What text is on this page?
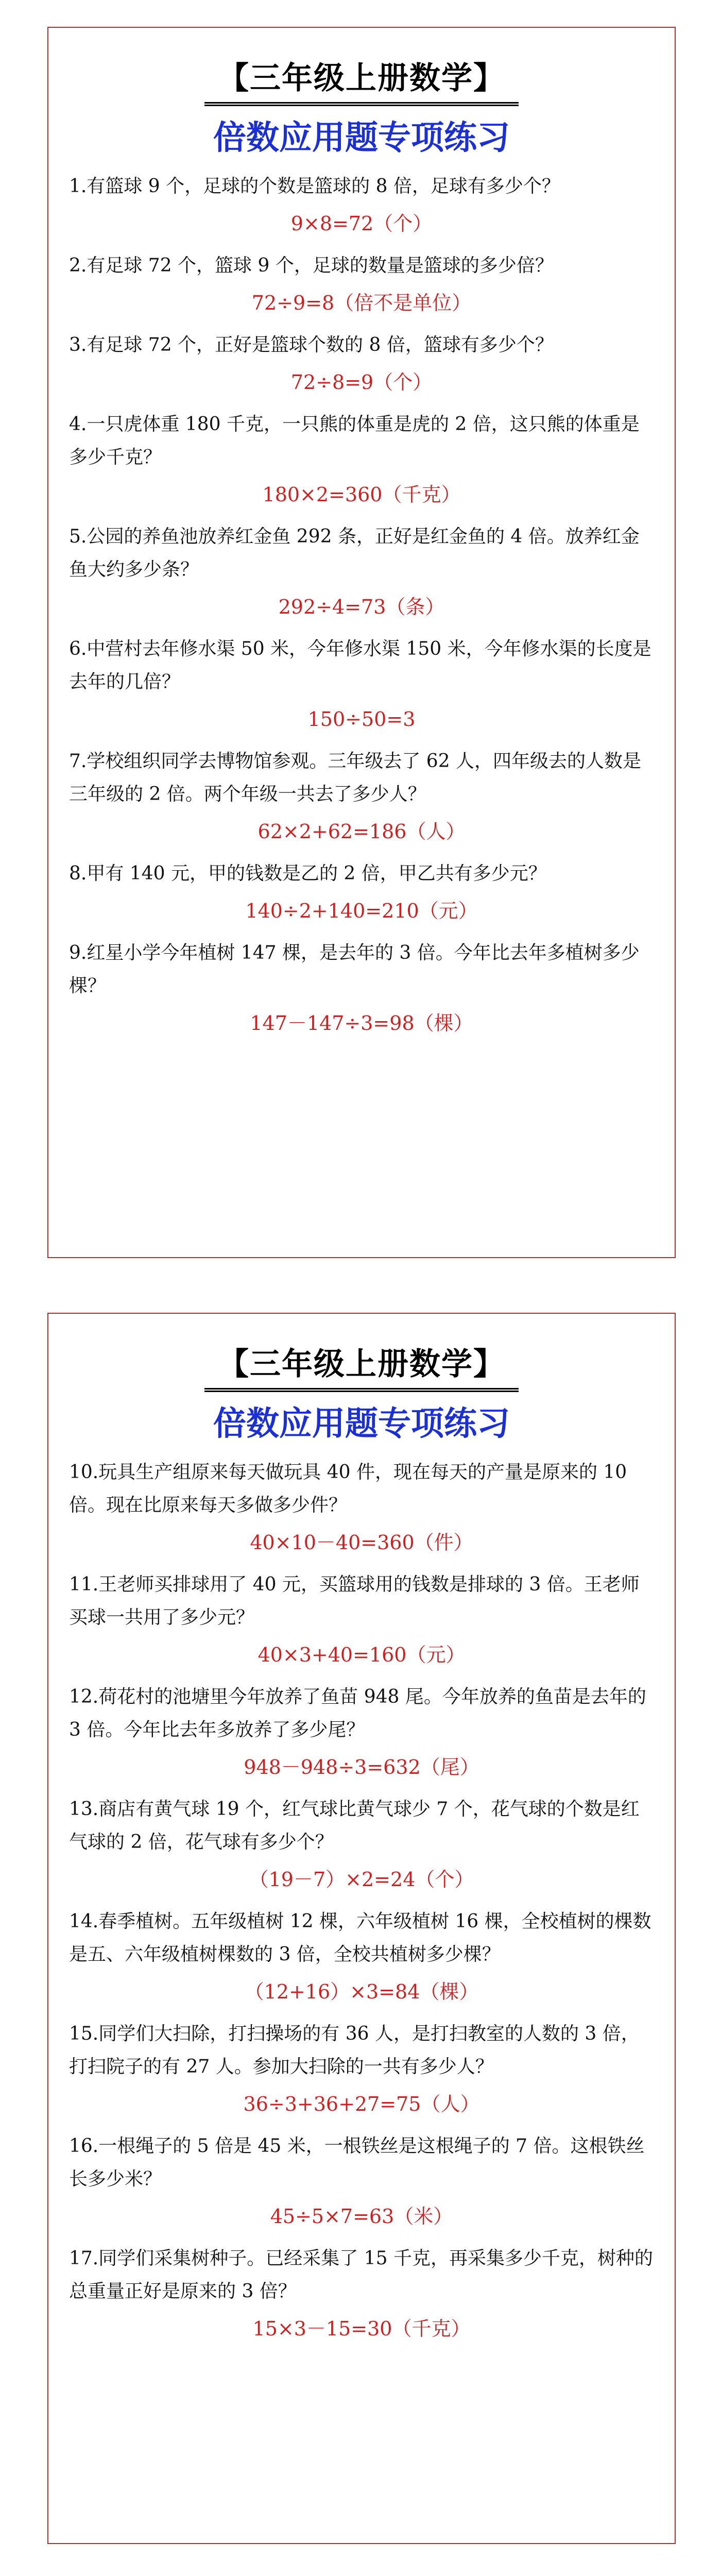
【三年级上册数学】
倍数应用题专项练习
1.有篮球 9 个，足球的个数是篮球的 8 倍，足球有多少个？
9×8=72（个）
2.有足球 72 个，篮球 9 个，足球的数量是篮球的多少倍？
72÷9=8（倍不是单位）
3.有足球 72 个，正好是篮球个数的 8 倍，篮球有多少个？
72÷8=9（个）
4.一只虎体重 180 千克，一只熊的体重是虎的 2 倍，这只熊的体重是多少千克？
180×2=360（千克）
5.公园的养鱼池放养红金鱼 292 条，正好是红金鱼的 4 倍。放养红金鱼大约多少条？
292÷4=73（条）
6.中营村去年修水渠 50 米，今年修水渠 150 米，今年修水渠的长度是去年的几倍？
150÷50=3
7.学校组织同学去博物馆参观。三年级去了 62 人，四年级去的人数是三年级的 2 倍。两个年级一共去了多少人？
62×2+62=186（人）
8.甲有 140 元，甲的钱数是乙的 2 倍，甲乙共有多少元？
140÷2+140=210（元）
9.红星小学今年植树 147 棵，是去年的 3 倍。今年比去年多植树多少棵？
147－147÷3=98（棵）
【三年级上册数学】
倍数应用题专项练习
10.玩具生产组原来每天做玩具 40 件，现在每天的产量是原来的 10 倍。现在比原来每天多做多少件？
40×10－40=360（件）
11.王老师买排球用了 40 元，买篮球用的钱数是排球的 3 倍。王老师买球一共用了多少元？
40×3+40=160（元）
12.荷花村的池塘里今年放养了鱼苗 948 尾。今年放养的鱼苗是去年的 3 倍。今年比去年多放养了多少尾？
948－948÷3=632（尾）
13.商店有黄气球 19 个，红气球比黄气球少 7 个，花气球的个数是红气球的 2 倍，花气球有多少个？
（19－7）×2=24（个）
14.春季植树。五年级植树 12 棵，六年级植树 16 棵，全校植树的棵数是五、六年级植树棵数的 3 倍，全校共植树多少棵？
（12+16）×3=84（棵）
15.同学们大扫除，打扫操场的有 36 人，是打扫教室的人数的 3 倍，打扫院子的有 27 人。参加大扫除的一共有多少人？
36÷3+36+27=75（人）
16.一根绳子的 5 倍是 45 米，一根铁丝是这根绳子的 7 倍。这根铁丝长多少米？
45÷5×7=63（米）
17.同学们采集树种子。已经采集了 15 千克，再采集多少千克，树种的总重量正好是原来的 3 倍？
15×3－15=30（千克）
